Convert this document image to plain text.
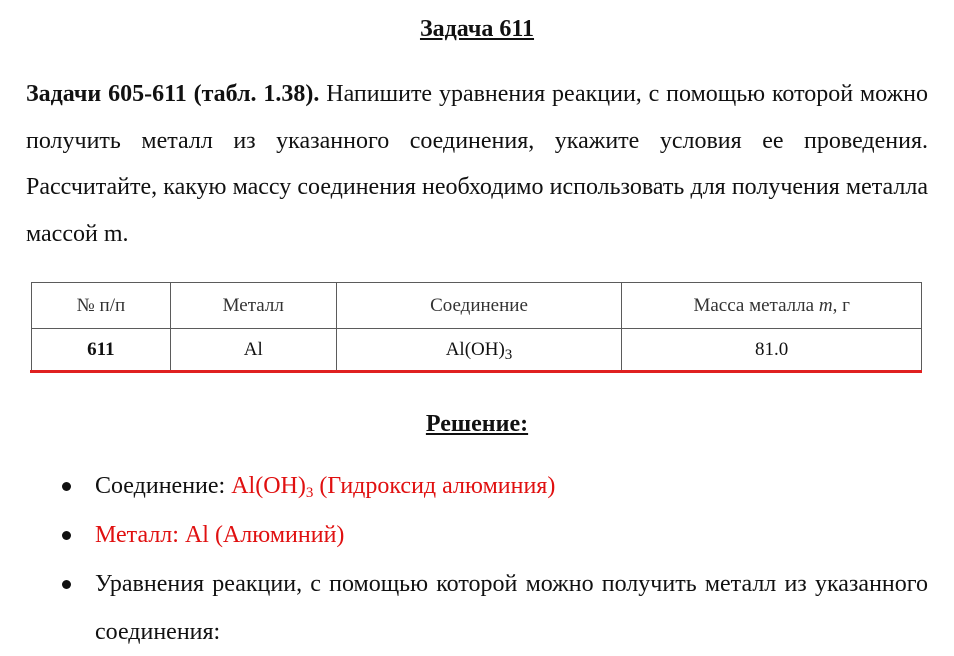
Задача 611
Задачи 605-611 (табл. 1.38). Напишите уравнения реакции, с помощью которой можно получить металл из указанного соединения, укажите условия ее проведения. Рассчитайте, какую массу соединения необходимо использовать для получения металла массой m.
№ п/п	Металл	Соединение	Масса металла m, г
611	Al	$Al(OH)_3$	81.0
Решение:
Соединение: $Al(OH)_3$ (Гидроксид алюминия)
Металл: Al (Алюминий)
Уравнения реакции, с помощью которой можно получить металл из указанного соединения:
